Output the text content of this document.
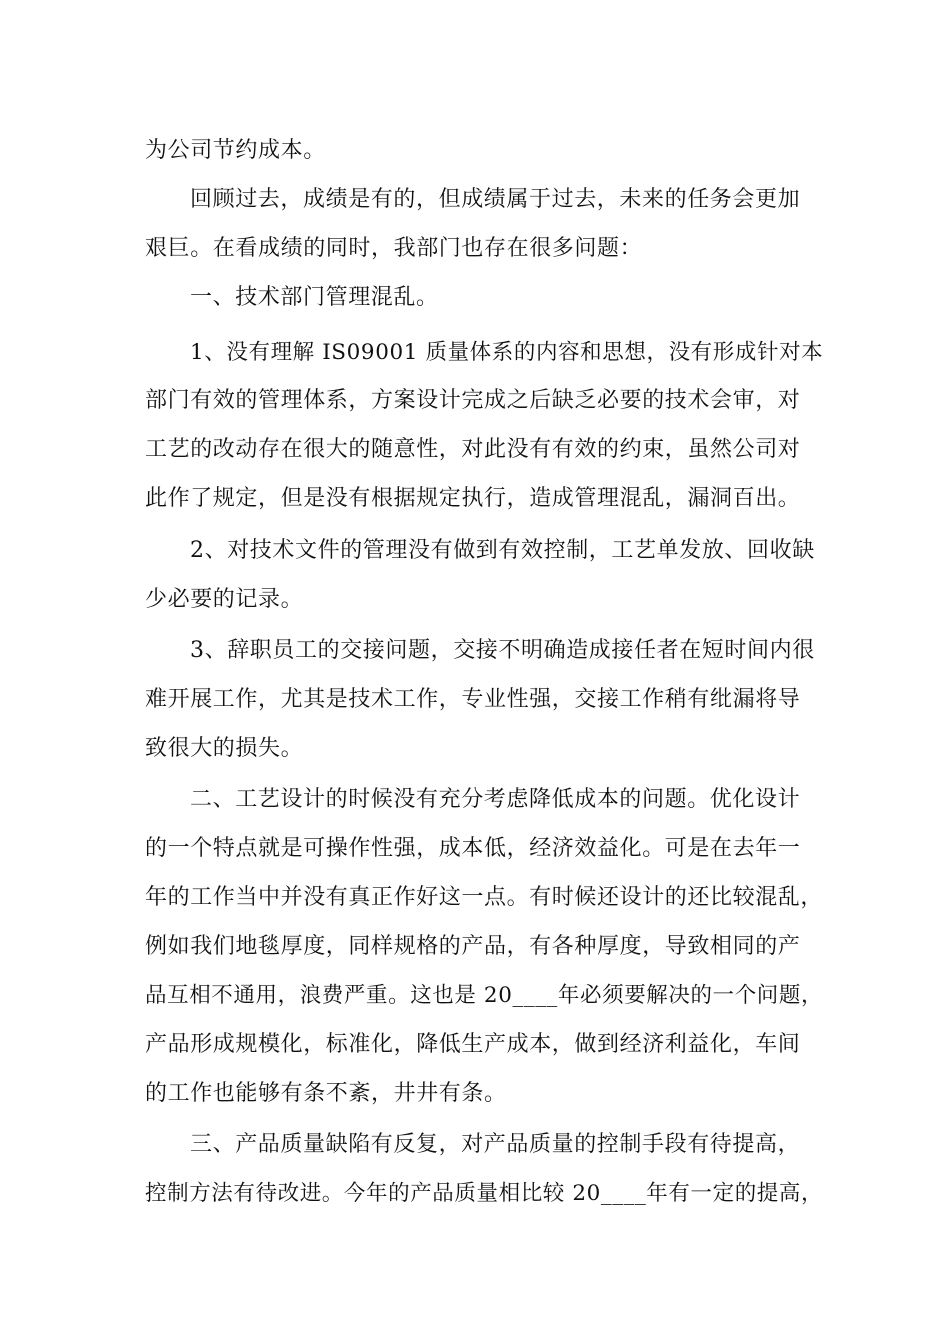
为公司节约成本。
回顾过去，成绩是有的，但成绩属于过去，未来的任务会更加
艰巨。在看成绩的同时，我部门也存在很多问题：
一、技术部门管理混乱。
1、没有理解 IS09001 质量体系的内容和思想，没有形成针对本
部门有效的管理体系，方案设计完成之后缺乏必要的技术会审，对
工艺的改动存在很大的随意性，对此没有有效的约束，虽然公司对
此作了规定，但是没有根据规定执行，造成管理混乱，漏洞百出。
2、对技术文件的管理没有做到有效控制，工艺单发放、回收缺
少必要的记录。
3、辞职员工的交接问题，交接不明确造成接任者在短时间内很
难开展工作，尤其是技术工作，专业性强，交接工作稍有纰漏将导
致很大的损失。
二、工艺设计的时候没有充分考虑降低成本的问题。优化设计
的一个特点就是可操作性强，成本低，经济效益化。可是在去年一
年的工作当中并没有真正作好这一点。有时候还设计的还比较混乱，
例如我们地毯厚度，同样规格的产品，有各种厚度，导致相同的产
品互相不通用，浪费严重。这也是 20____年必须要解决的一个问题，
产品形成规模化，标准化，降低生产成本，做到经济利益化，车间
的工作也能够有条不紊，井井有条。
三、产品质量缺陷有反复，对产品质量的控制手段有待提高，
控制方法有待改进。今年的产品质量相比较 20____年有一定的提高，
